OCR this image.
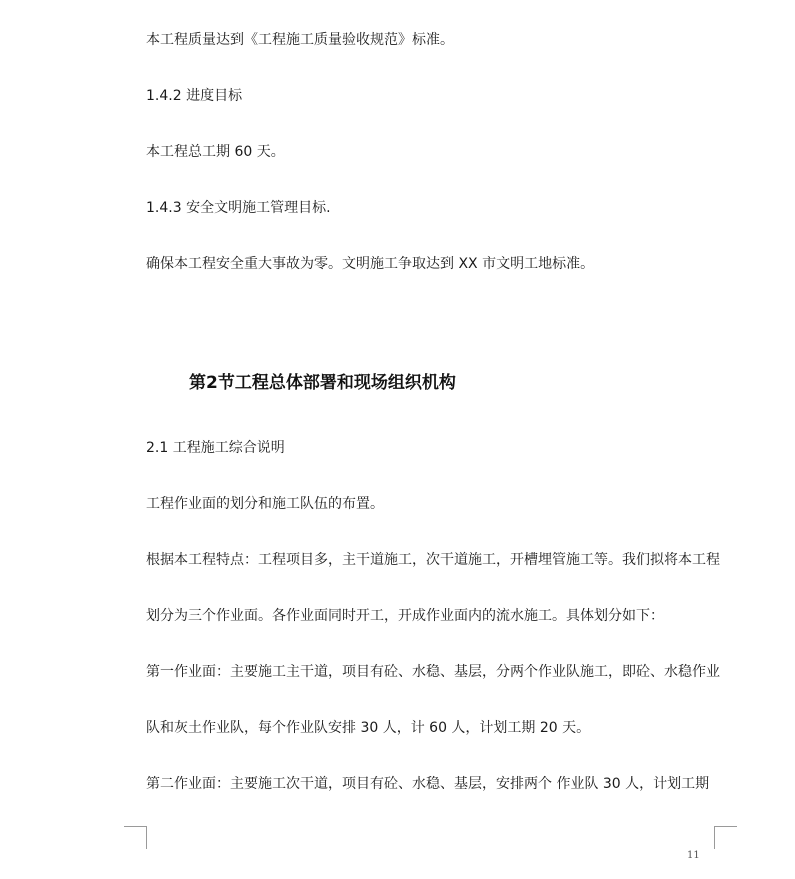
本工程质量达到《工程施工质量验收规范》标准。
1.4.2 进度目标
本工程总工期 60 天。
1.4.3 安全文明施工管理目标.
确保本工程安全重大事故为零。文明施工争取达到 XX 市文明工地标准。
第2节工程总体部署和现场组织机构
2.1 工程施工综合说明
工程作业面的划分和施工队伍的布置。
根据本工程特点：工程项目多，主干道施工，次干道施工，开槽埋管施工等。我们拟将本工程
划分为三个作业面。各作业面同时开工，开成作业面内的流水施工。具体划分如下：
第一作业面：主要施工主干道，项目有砼、水稳、基层，分两个作业队施工，即砼、水稳作业
队和灰土作业队，每个作业队安排 30 人，计 60 人，计划工期 20 天。
第二作业面：主要施工次干道，项目有砼、水稳、基层，安排两个 作业队 30 人，计划工期
11
